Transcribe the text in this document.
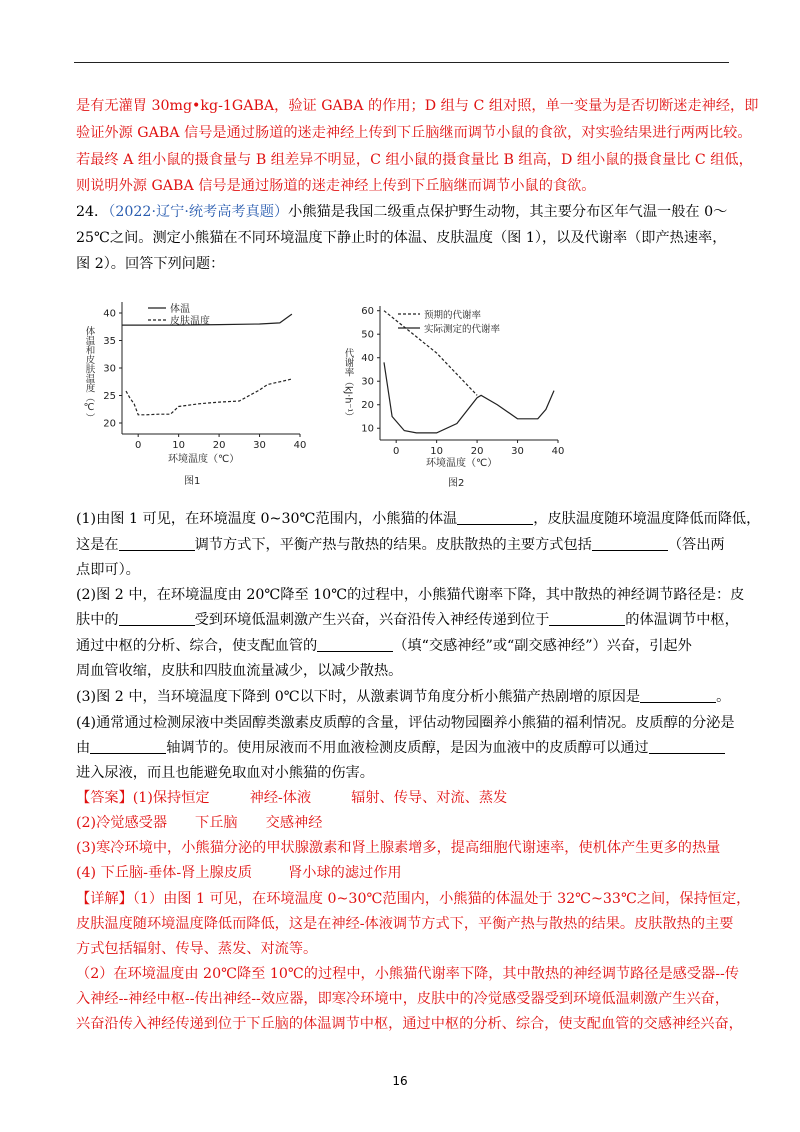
是有无灌胃 30mg•kg-1GABA，验证 GABA 的作用；D 组与 C 组对照，单一变量为是否切断迷走神经，即
验证外源 GABA 信号是通过肠道的迷走神经上传到下丘脑继而调节小鼠的食欲，对实验结果进行两两比较。
若最终 A 组小鼠的摄食量与 B 组差异不明显，C 组小鼠的摄食量比 B 组高，D 组小鼠的摄食量比 C 组低，
则说明外源 GABA 信号是通过肠道的迷走神经上传到下丘脑继而调节小鼠的食欲。
24．（2022·辽宁·统考高考真题）小熊猫是我国二级重点保护野生动物，其主要分布区年气温一般在 0～
25℃之间。测定小熊猫在不同环境温度下静止时的体温、皮肤温度（图 1），以及代谢率（即产热速率，
图 2）。回答下列问题：
40
35
30
25
20
0	10	20	30	40
体温
皮肤温度
体温和皮肤温度（℃）
环境温度（℃）
图1
60
50
40
30
20
10
0	10	20	30	40
预期的代谢率
实际测定的代谢率
代谢率（kJ·h⁻¹）
环境温度（℃）
图2
(1)由图 1 可见，在环境温度 0~30℃范围内，小熊猫的体温	，皮肤温度随环境温度降低而降低，
这是在	调节方式下，平衡产热与散热的结果。皮肤散热的主要方式包括	（答出两
点即可）。
(2)图 2 中，在环境温度由 20℃降至 10℃的过程中，小熊猫代谢率下降，其中散热的神经调节路径是：皮
肤中的	受到环境低温刺激产生兴奋，兴奋沿传入神经传递到位于	的体温调节中枢，
通过中枢的分析、综合，使支配血管的	（填“交感神经”或“副交感神经”）兴奋，引起外
周血管收缩，皮肤和四肢血流量减少，以减少散热。
(3)图 2 中，当环境温度下降到 0℃以下时，从激素调节角度分析小熊猫产热剧增的原因是	。
(4)通常通过检测尿液中类固醇类激素皮质醇的含量，评估动物园圈养小熊猫的福利情况。皮质醇的分泌是
由	轴调节的。使用尿液而不用血液检测皮质醇，是因为血液中的皮质醇可以通过
进入尿液，而且也能避免取血对小熊猫的伤害。
【答案】(1)保持恒定	神经-体液	辐射、传导、对流、蒸发
(2)冷觉感受器 下丘脑 交感神经
(3)寒冷环境中，小熊猫分泌的甲状腺激素和肾上腺素增多，提高细胞代谢速率，使机体产生更多的热量
(4) 下丘脑-垂体-肾上腺皮质	肾小球的滤过作用
【详解】（1）由图 1 可见，在环境温度 0~30℃范围内，小熊猫的体温处于 32℃~33℃之间，保持恒定，
皮肤温度随环境温度降低而降低，这是在神经-体液调节方式下，平衡产热与散热的结果。皮肤散热的主要
方式包括辐射、传导、蒸发、对流等。
（2）在环境温度由 20℃降至 10℃的过程中，小熊猫代谢率下降，其中散热的神经调节路径是感受器--传
入神经--神经中枢--传出神经--效应器，即寒冷环境中，皮肤中的冷觉感受器受到环境低温刺激产生兴奋，
兴奋沿传入神经传递到位于下丘脑的体温调节中枢，通过中枢的分析、综合，使支配血管的交感神经兴奋，
16
